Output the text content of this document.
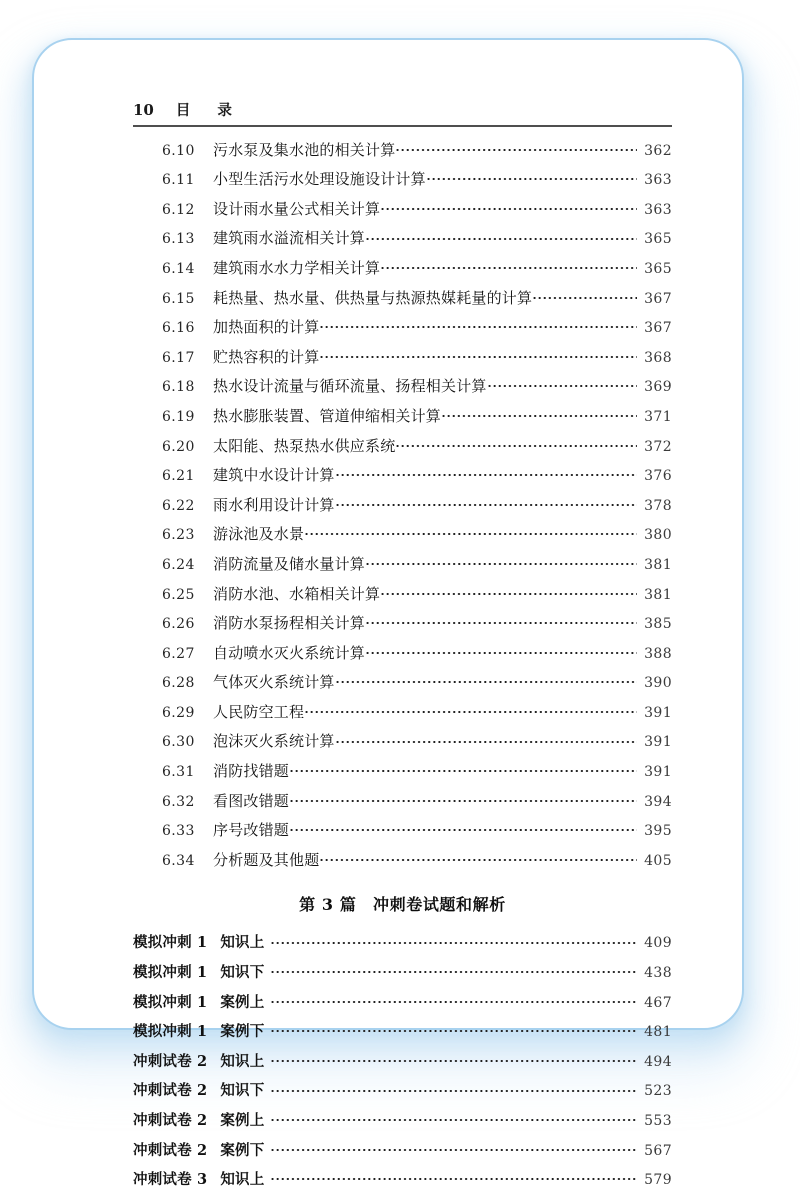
10 目 录
6.10	污水泵及集水池的相关计算	362
6.11	小型生活污水处理设施设计计算	363
6.12	设计雨水量公式相关计算	363
6.13	建筑雨水溢流相关计算	365
6.14	建筑雨水水力学相关计算	365
6.15	耗热量、热水量、供热量与热源热媒耗量的计算	367
6.16	加热面积的计算	367
6.17	贮热容积的计算	368
6.18	热水设计流量与循环流量、扬程相关计算	369
6.19	热水膨胀装置、管道伸缩相关计算	371
6.20	太阳能、热泵热水供应系统	372
6.21	建筑中水设计计算	376
6.22	雨水利用设计计算	378
6.23	游泳池及水景	380
6.24	消防流量及储水量计算	381
6.25	消防水池、水箱相关计算	381
6.26	消防水泵扬程相关计算	385
6.27	自动喷水灭火系统计算	388
6.28	气体灭火系统计算	390
6.29	人民防空工程	391
6.30	泡沫灭火系统计算	391
6.31	消防找错题	391
6.32	看图改错题	394
6.33	序号改错题	395
6.34	分析题及其他题	405
第 3 篇　冲刺卷试题和解析
模拟冲刺 1 知识上	409
模拟冲刺 1 知识下	438
模拟冲刺 1 案例上	467
模拟冲刺 1 案例下	481
冲刺试卷 2 知识上	494
冲刺试卷 2 知识下	523
冲刺试卷 2 案例上	553
冲刺试卷 2 案例下	567
冲刺试卷 3 知识上	579
